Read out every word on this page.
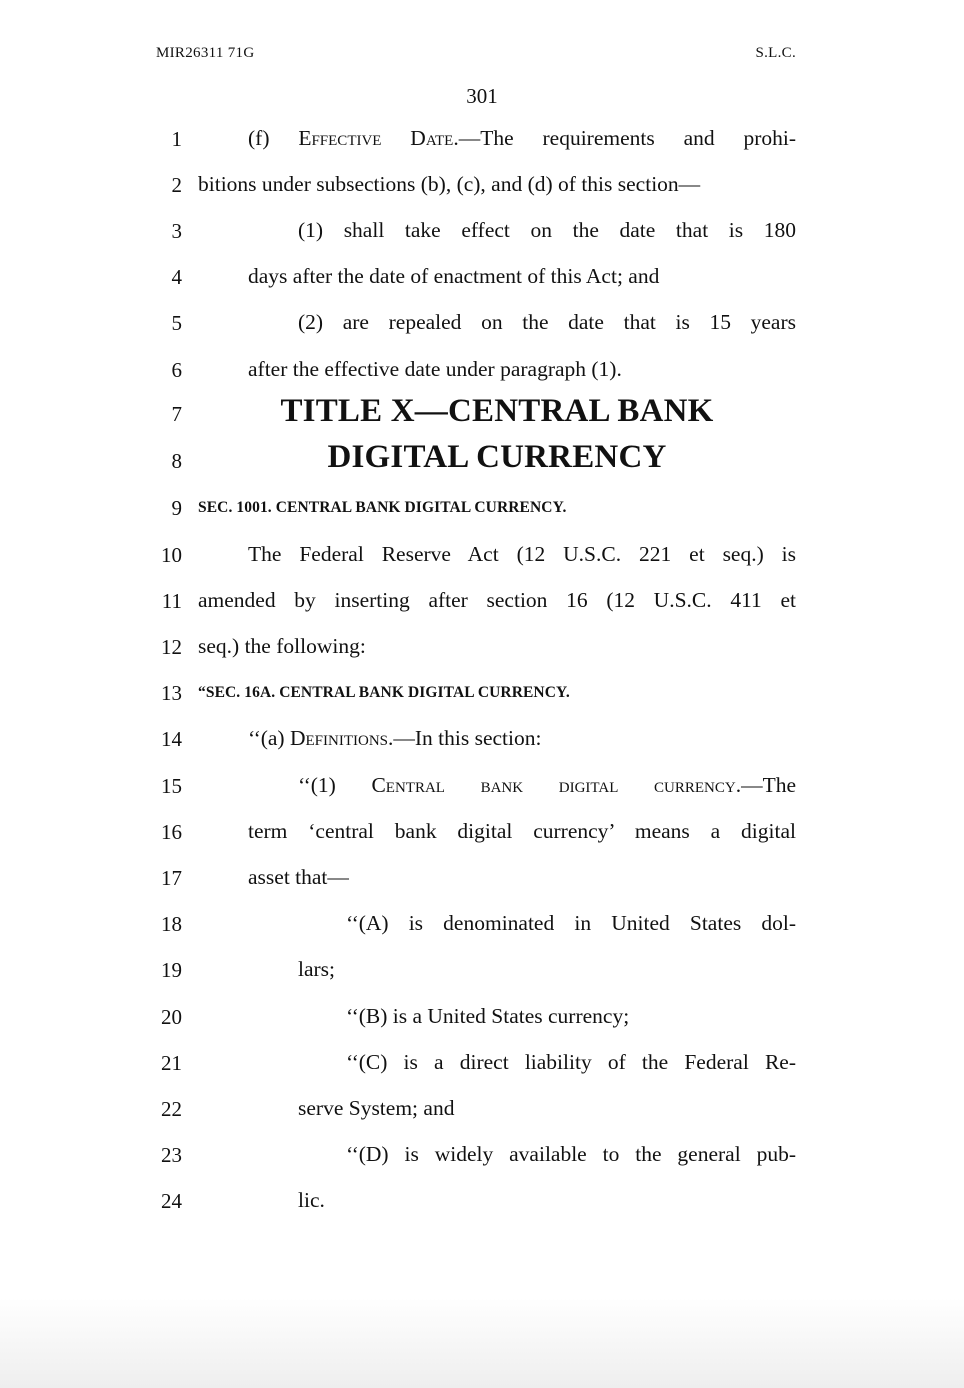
MIR26311 71G	S.L.C.
301
1
2
3
4
5
6
7
8
9
10
11
12
13
14
15
16
17
18
19
20
21
22
23
24
(f) Effective Date.—The requirements and prohi-
bitions under subsections (b), (c), and (d) of this section—
(1) shall take effect on the date that is 180
days after the date of enactment of this Act; and
(2) are repealed on the date that is 15 years
after the effective date under paragraph (1).
TITLE X—CENTRAL BANK
DIGITAL CURRENCY
SEC. 1001. CENTRAL BANK DIGITAL CURRENCY.
The Federal Reserve Act (12 U.S.C. 221 et seq.) is
amended by inserting after section 16 (12 U.S.C. 411 et
seq.) the following:
“SEC. 16A. CENTRAL BANK DIGITAL CURRENCY.
‘‘(a) Definitions.—In this section:
‘‘(1) Central bank digital currency.—The
term ‘central bank digital currency’ means a digital
asset that—
‘‘(A) is denominated in United States dol-
lars;
‘‘(B) is a United States currency;
‘‘(C) is a direct liability of the Federal Re-
serve System; and
‘‘(D) is widely available to the general pub-
lic.
